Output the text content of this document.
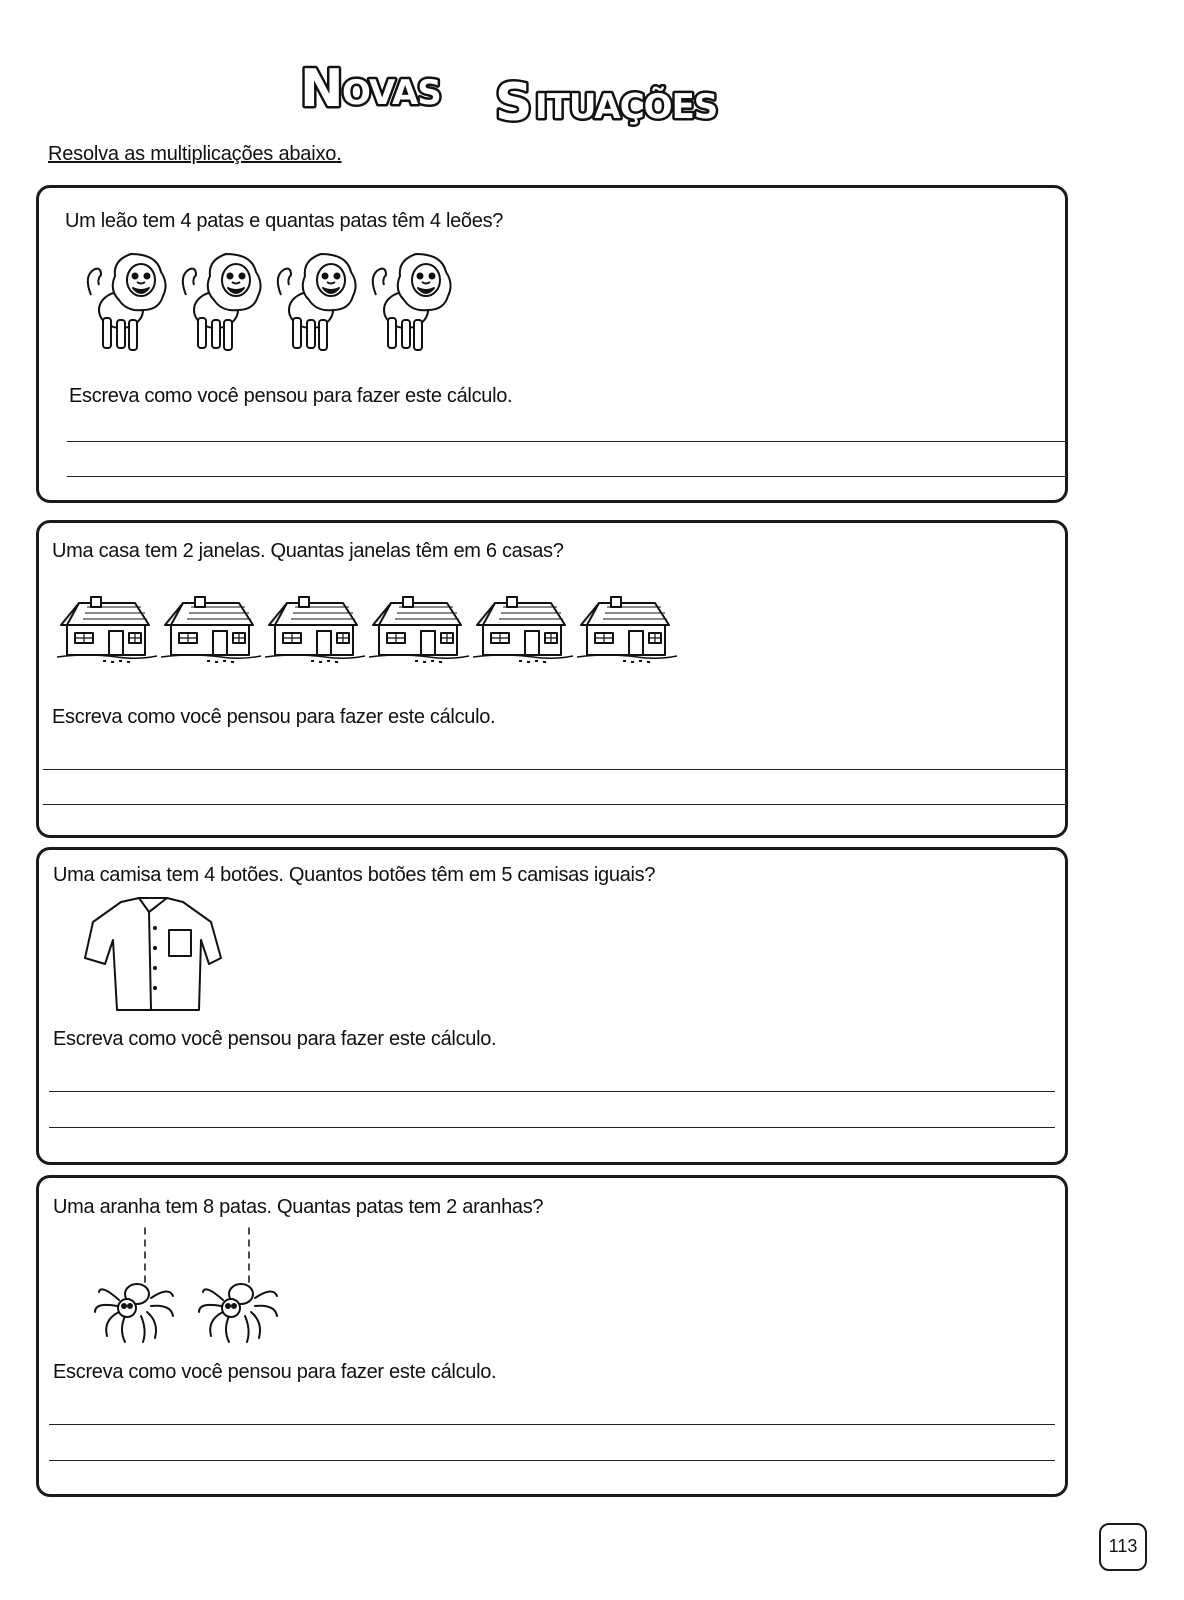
N OVAS S ITUAÇÕES
Novas Situações
Resolva as multiplicações abaixo.
Um leão tem 4 patas e quantas patas têm 4 leões?
Escreva como você pensou para fazer este cálculo.
Uma casa tem 2 janelas. Quantas janelas têm em 6 casas?
Escreva como você pensou para fazer este cálculo.
Uma camisa tem 4 botões. Quantos botões têm em 5 camisas iguais?
Escreva como você pensou para fazer este cálculo.
Uma aranha tem 8 patas. Quantas patas tem 2 aranhas?
Escreva como você pensou para fazer este cálculo.
113
